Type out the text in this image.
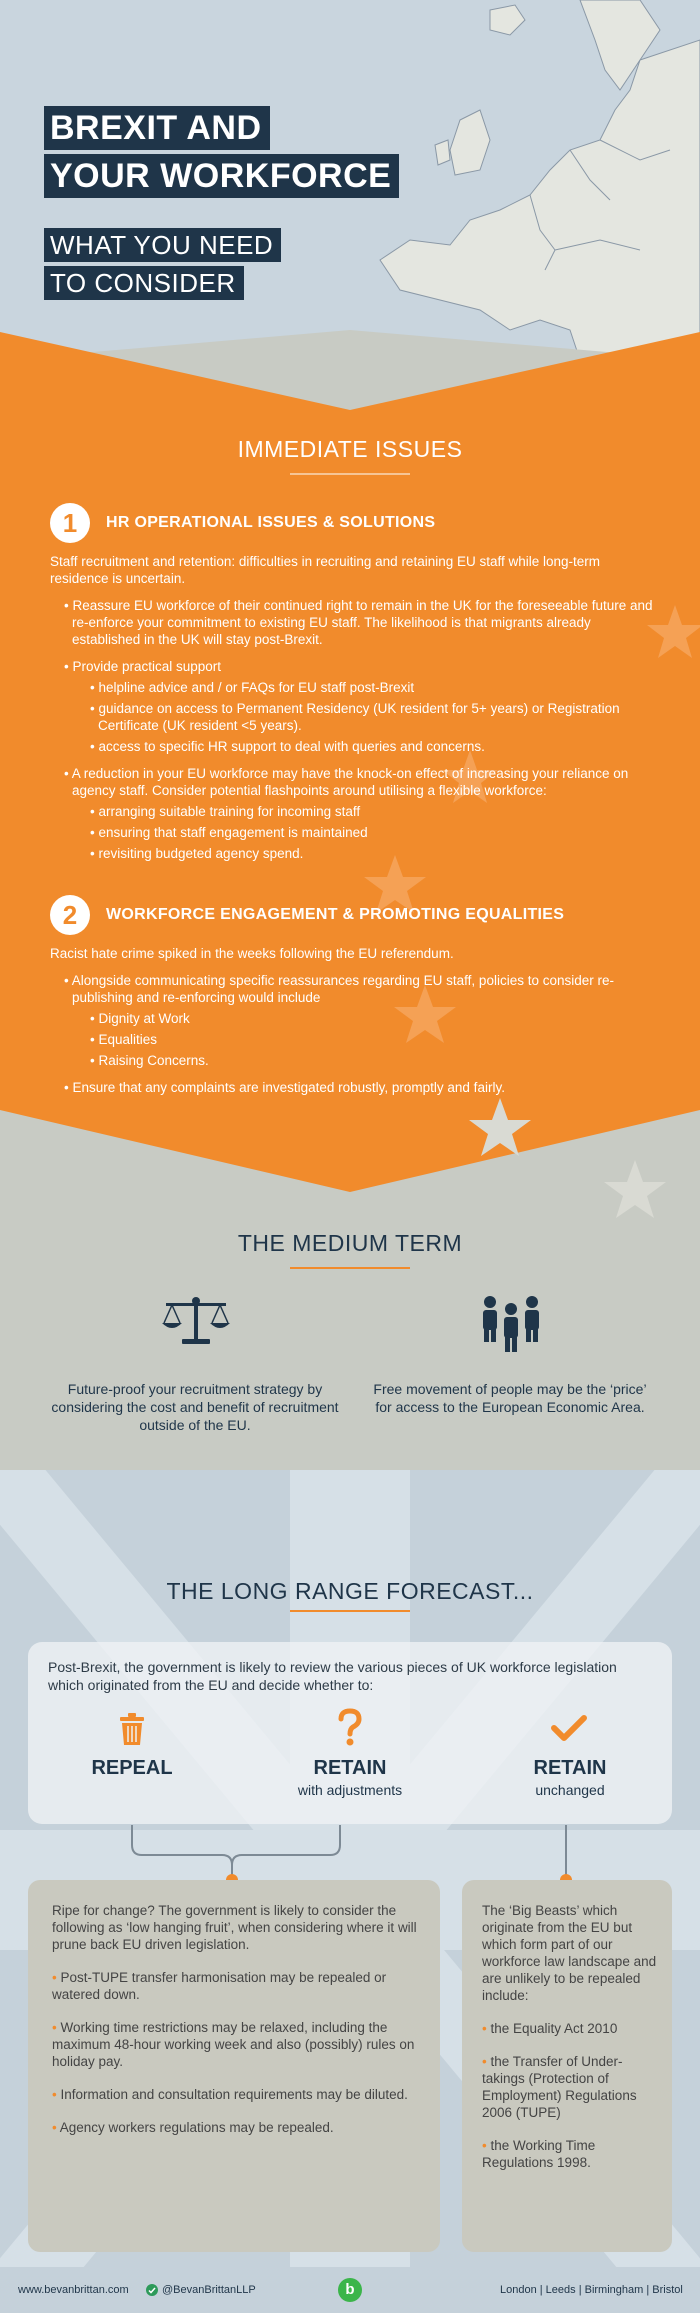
BREXIT AND
YOUR WORKFORCE
WHAT YOU NEED
TO CONSIDER
IMMEDIATE ISSUES
1	HR OPERATIONAL ISSUES & SOLUTIONS

Staff recruitment and retention: difficulties in recruiting and retaining EU staff while long-term residence is uncertain.

• Reassure EU workforce of their continued right to remain in the UK for the foreseeable future and re-enforce your commitment to existing EU staff. The likelihood is that migrants already established in the UK will stay post-Brexit.

• Provide practical support

• helpline advice and / or FAQs for EU staff post-Brexit

• guidance on access to Permanent Residency (UK resident for 5+ years) or Registration Certificate (UK resident <5 years).

• access to specific HR support to deal with queries and concerns.

• A reduction in your EU workforce may have the knock-on effect of increasing your reliance on agency staff. Consider potential flashpoints around utilising a flexible workforce:

• arranging suitable training for incoming staff

• ensuring that staff engagement is maintained

• revisiting budgeted agency spend.

2	WORKFORCE ENGAGEMENT & PROMOTING EQUALITIES

Racist hate crime spiked in the weeks following the EU referendum.

• Alongside communicating specific reassurances regarding EU staff, policies to consider re-publishing and re-enforcing would include

• Dignity at Work

• Equalities

• Raising Concerns.

• Ensure that any complaints are investigated robustly, promptly and fairly.

THE MEDIUM TERM
Future-proof your recruitment strategy by considering the cost and benefit of recruitment outside of the EU.
Free movement of people may be the ‘price’ for access to the European Economic Area.
THE LONG RANGE FORECAST...
Post-Brexit, the government is likely to review the various pieces of UK workforce legislation which originated from the EU and decide whether to:
REPEAL	RETAIN
with adjustments
RETAIN
unchanged

Ripe for change? The government is likely to consider the following as ‘low hanging fruit’, when considering where it will prune back EU driven legislation.

• Post-TUPE transfer harmonisation may be repealed or watered down.

• Working time restrictions may be relaxed, including the maximum 48-hour working week and also (possibly) rules on holiday pay.

• Information and consultation requirements may be diluted.

• Agency workers regulations may be repealed.

The ‘Big Beasts’ which originate from the EU but which form part of our workforce law landscape and are unlikely to be repealed include:

• the Equality Act 2010

• the Transfer of Under-takings (Protection of Employment) Regulations 2006 (TUPE)

• the Working Time Regulations 1998.

www.bevanbrittan.com	@BevanBrittanLLP	b	London | Leeds | Birmingham | Bristol
